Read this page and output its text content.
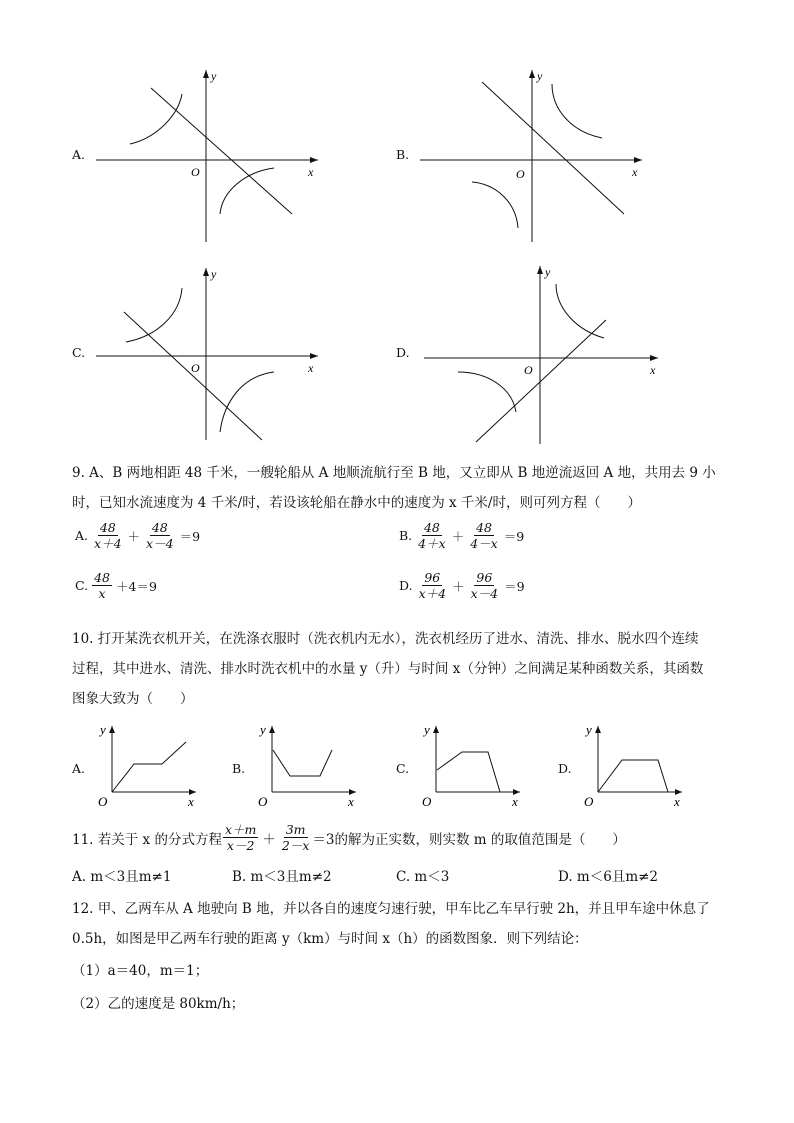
A.
y
x
O
B.
y
x
O
C.
y
x
O
D.
y
x
O
9. A、B 两地相距 48 千米，一艘轮船从 A 地顺流航行至 B 地，又立即从 B 地逆流返回 A 地，共用去 9 小
时，已知水流速度为 4 千米/时，若设该轮船在静水中的速度为 x 千米/时，则可列方程（　　）
A. $\frac{48}{x+4} + \frac{48}{x-4} =9$	B. $\frac{48}{4+x} + \frac{48}{4-x} =9$
C. $\frac{48}{x} +4=9$	D. $\frac{96}{x+4} + \frac{96}{x-4} =9$
10. 打开某洗衣机开关，在洗涤衣服时（洗衣机内无水），洗衣机经历了进水、清洗、排水、脱水四个连续
过程，其中进水、清洗、排水时洗衣机中的水量 y（升）与时间 x（分钟）之间满足某种函数关系，其函数
图象大致为（　　）
A.
y
x
O
B.
y
x
O
C.
y
x
O
D.
y
x
O
11. 若关于 x 的分式方程 $\frac{x+m}{x-2} + \frac{3m}{2-x} =3$的解为正实数，则实数 m 的取值范围是（　　）
A. m＜3且m≠1	B. m＜3且m≠2	C. m＜3	D. m＜6且m≠2
12. 甲、乙两车从 A 地驶向 B 地，并以各自的速度匀速行驶，甲车比乙车早行驶 2h，并且甲车途中休息了
0.5h，如图是甲乙两车行驶的距离 y（km）与时间 x（h）的函数图象．则下列结论：
（1）a＝40，m＝1；
（2）乙的速度是 80km/h；
